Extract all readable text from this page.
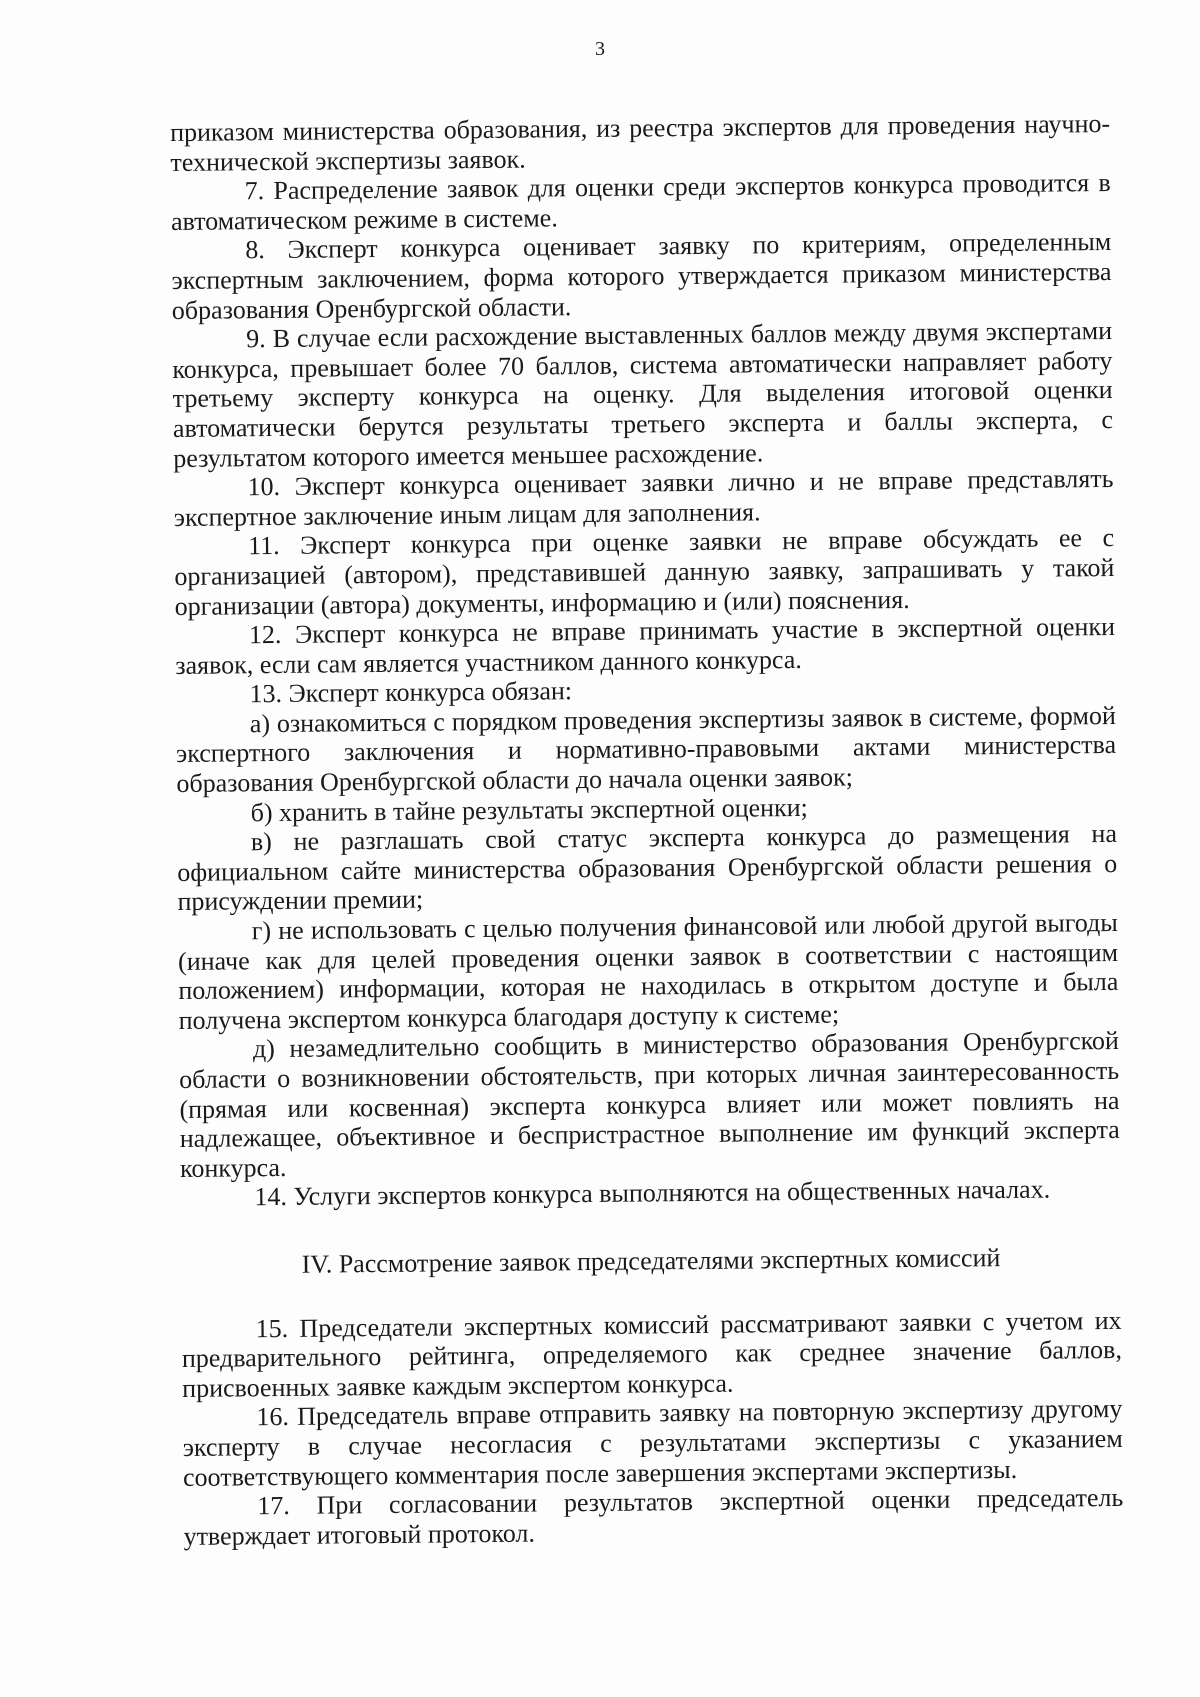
3

приказом министерства образования, из реестра экспертов для проведения научно-технической экспертизы заявок.

7. Распределение заявок для оценки среди экспертов конкурса проводится в автоматическом режиме в системе.

8. Эксперт конкурса оценивает заявку по критериям, определенным экспертным заключением, форма которого утверждается приказом министерства образования Оренбургской области.

9. В случае если расхождение выставленных баллов между двумя экспертами конкурса, превышает более 70 баллов, система автоматически направляет работу третьему эксперту конкурса на оценку. Для выделения итоговой оценки автоматически берутся результаты третьего эксперта и баллы эксперта, с результатом которого имеется меньшее расхождение.

10. Эксперт конкурса оценивает заявки лично и не вправе представлять экспертное заключение иным лицам для заполнения.

11. Эксперт конкурса при оценке заявки не вправе обсуждать ее с организацией (автором), представившей данную заявку, запрашивать у такой организации (автора) документы, информацию и (или) пояснения.

12. Эксперт конкурса не вправе принимать участие в экспертной оценки заявок, если сам является участником данного конкурса.

13. Эксперт конкурса обязан:

а) ознакомиться с порядком проведения экспертизы заявок в системе, формой экспертного заключения и нормативно-правовыми актами министерства образования Оренбургской области до начала оценки заявок;

б) хранить в тайне результаты экспертной оценки;

в) не разглашать свой статус эксперта конкурса до размещения на официальном сайте министерства образования Оренбургской области решения о присуждении премии;

г) не использовать с целью получения финансовой или любой другой выгоды (иначе как для целей проведения оценки заявок в соответствии с настоящим положением) информации, которая не находилась в открытом доступе и была получена экспертом конкурса благодаря доступу к системе;

д) незамедлительно сообщить в министерство образования Оренбургской области о возникновении обстоятельств, при которых личная заинтересованность (прямая или косвенная) эксперта конкурса влияет или может повлиять на надлежащее, объективное и беспристрастное выполнение им функций эксперта конкурса.

14. Услуги экспертов конкурса выполняются на общественных началах.

IV. Рассмотрение заявок председателями экспертных комиссий

15. Председатели экспертных комиссий рассматривают заявки с учетом их предварительного рейтинга, определяемого как среднее значение баллов, присвоенных заявке каждым экспертом конкурса.

16. Председатель вправе отправить заявку на повторную экспертизу другому эксперту в случае несогласия с результатами экспертизы с указанием соответствующего комментария после завершения экспертами экспертизы.

17. При согласовании результатов экспертной оценки председатель утверждает итоговый протокол.
